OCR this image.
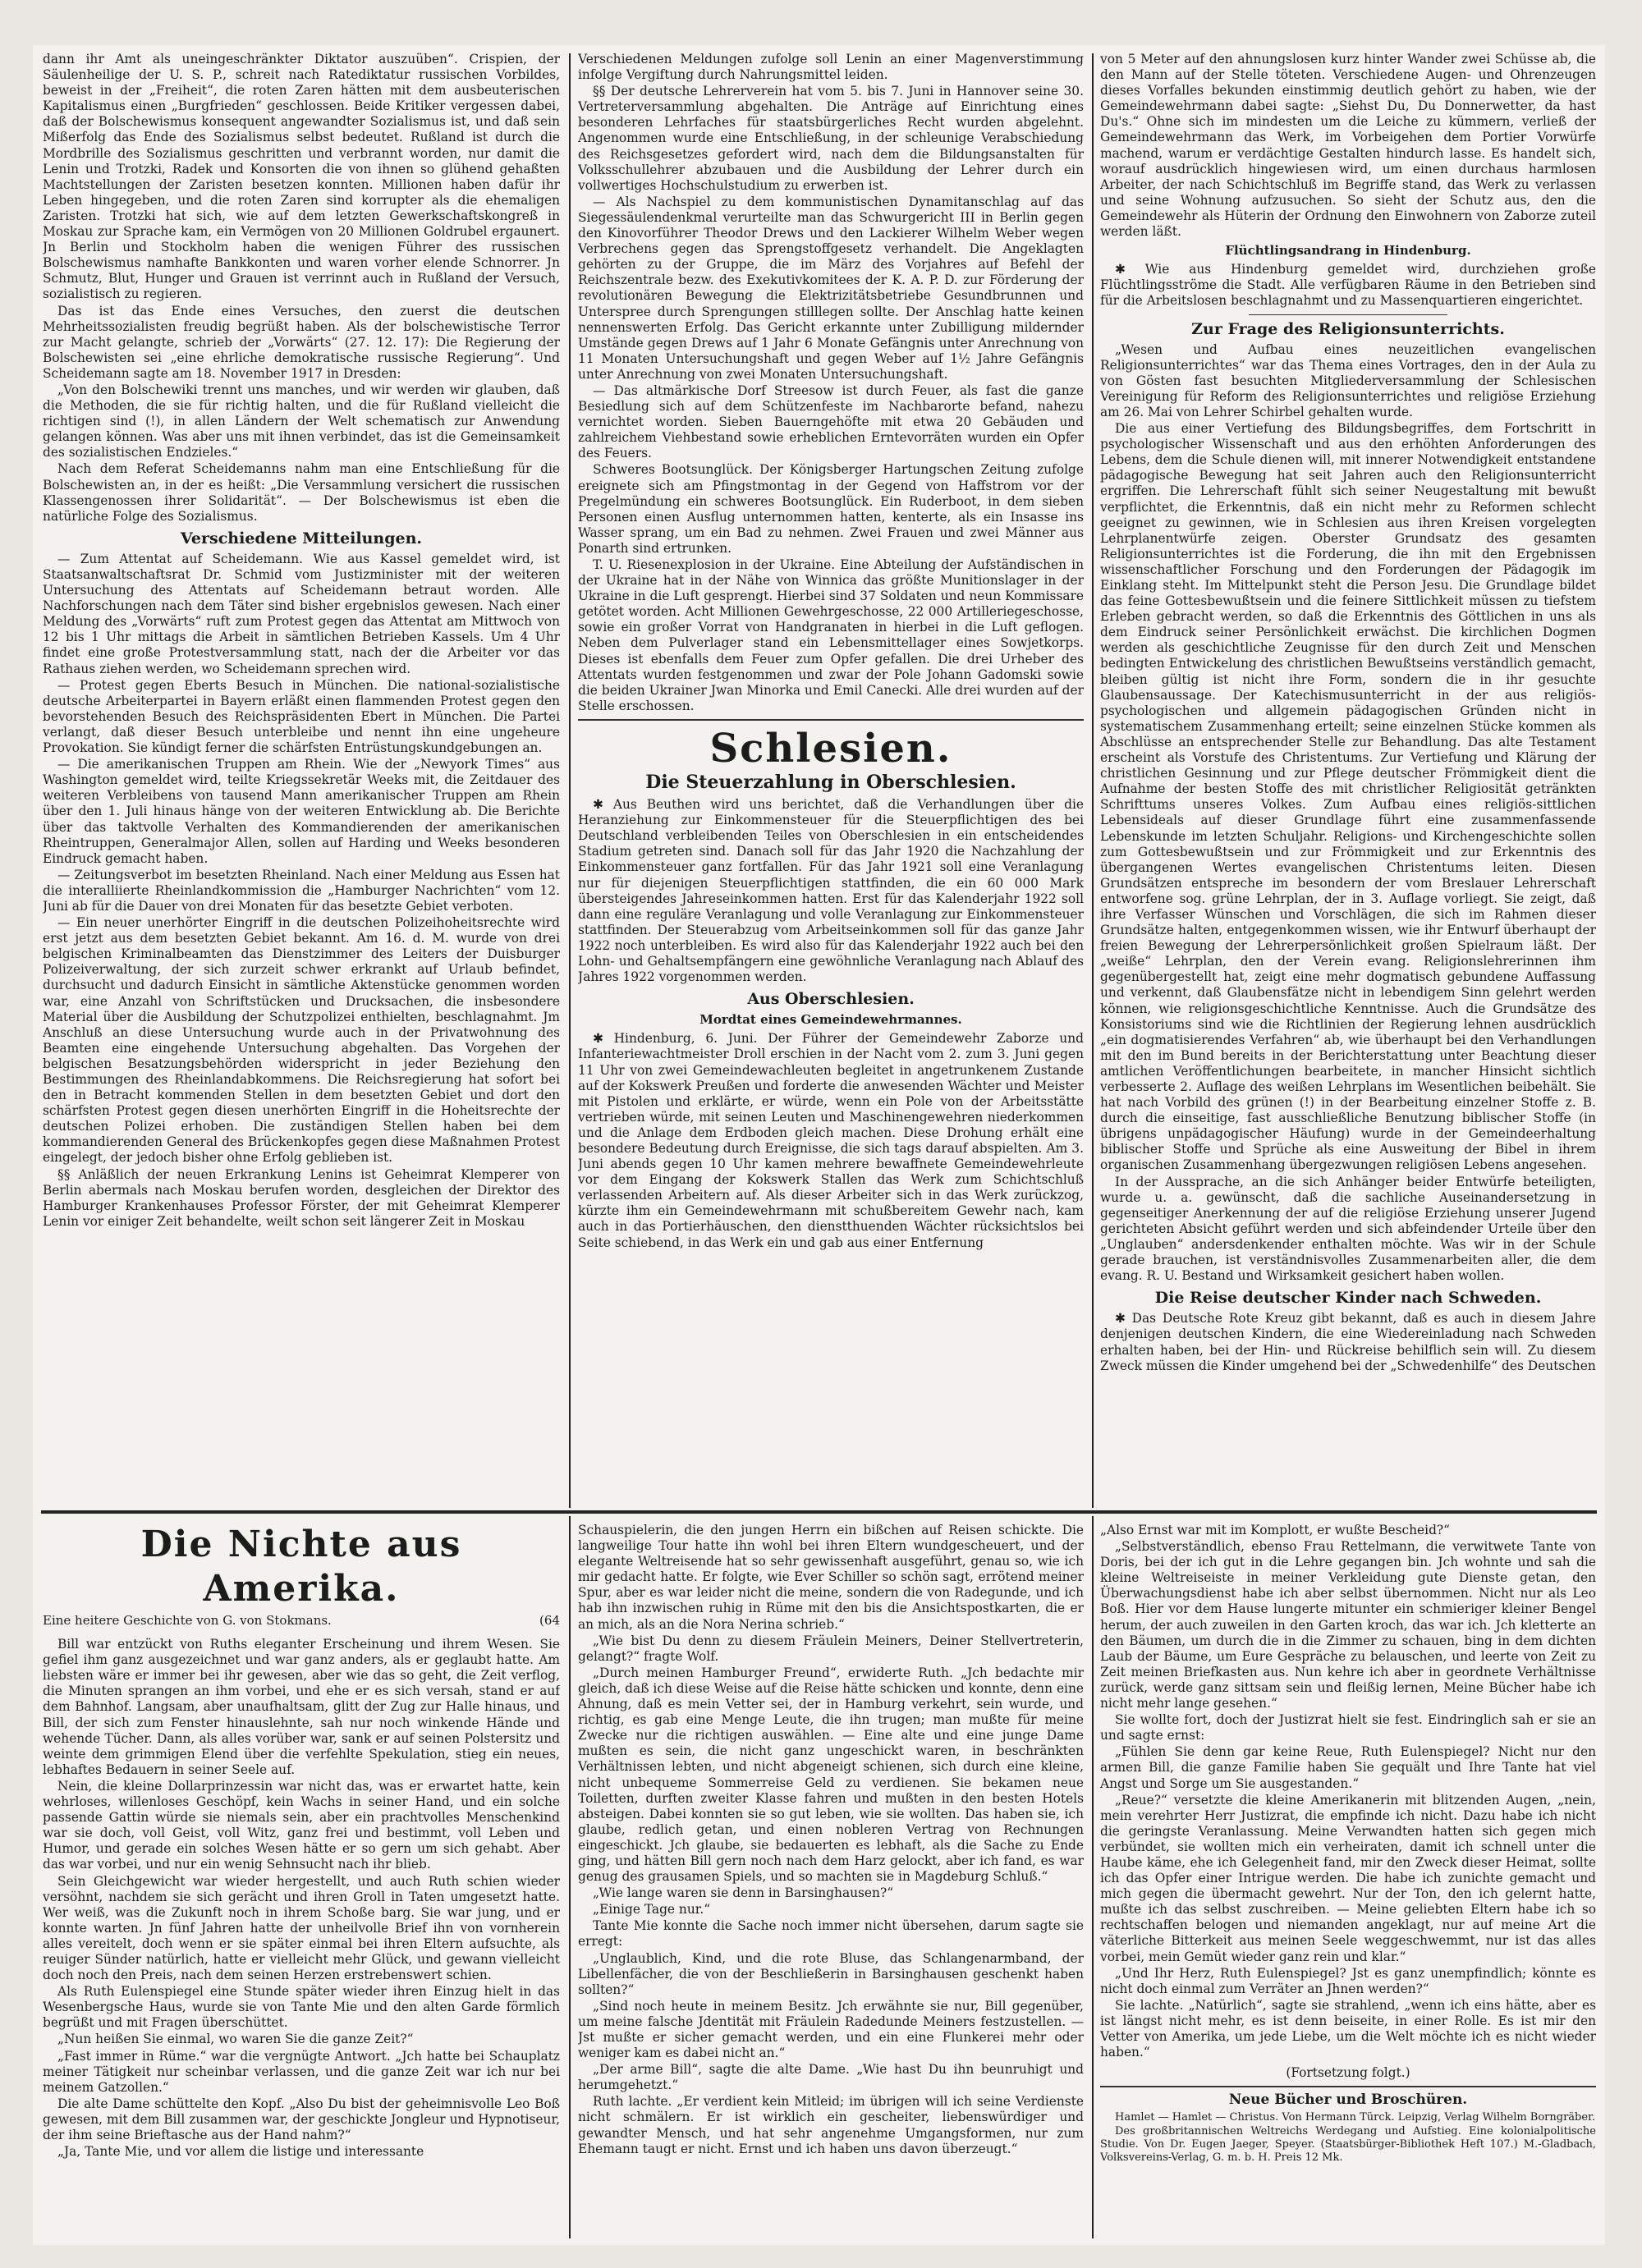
dann ihr Amt als uneingeschränkter Diktator auszuüben“. Crispien, der Säulenheilige der U. S. P., schreit nach Ratediktatur russischen Vorbildes, beweist in der „Freiheit“, die roten Zaren hätten mit dem ausbeuterischen Kapitalismus einen „Burgfrieden“ geschlossen. Beide Kritiker vergessen dabei, daß der Bolschewismus konsequent angewandter Sozialismus ist, und daß sein Mißerfolg das Ende des Sozialismus selbst bedeutet. Rußland ist durch die Mordbrille des Sozialismus geschritten und verbrannt worden, nur damit die Lenin und Trotzki, Radek und Konsorten die von ihnen so glühend gehaßten Machtstellungen der Zaristen besetzen konnten. Millionen haben dafür ihr Leben hingegeben, und die roten Zaren sind korrupter als die ehemaligen Zaristen. Trotzki hat sich, wie auf dem letzten Gewerkschaftskongreß in Moskau zur Sprache kam, ein Vermögen von 20 Millionen Goldrubel ergaunert. Jn Berlin und Stockholm haben die wenigen Führer des russischen Bolschewismus namhafte Bankkonten und waren vorher elende Schnorrer. Jn Schmutz, Blut, Hunger und Grauen ist verrinnt auch in Rußland der Versuch, sozialistisch zu regieren.

Das ist das Ende eines Versuches, den zuerst die deutschen Mehrheitssozialisten freudig begrüßt haben. Als der bolschewistische Terror zur Macht gelangte, schrieb der „Vorwärts“ (27. 12. 17): Die Regierung der Bolschewisten sei „eine ehrliche demokratische russische Regierung“. Und Scheidemann sagte am 18. November 1917 in Dresden:

„Von den Bolschewiki trennt uns manches, und wir werden wir glauben, daß die Methoden, die sie für richtig halten, und die für Rußland vielleicht die richtigen sind (!), in allen Ländern der Welt schematisch zur Anwendung gelangen können. Was aber uns mit ihnen verbindet, das ist die Gemeinsamkeit des sozialistischen Endzieles.“

Nach dem Referat Scheidemanns nahm man eine Entschließung für die Bolschewisten an, in der es heißt: „Die Versammlung versichert die russischen Klassengenossen ihrer Solidarität“. — Der Bolschewismus ist eben die natürliche Folge des Sozialismus.

Verschiedene Mitteilungen.

— Zum Attentat auf Scheidemann. Wie aus Kassel gemeldet wird, ist Staatsanwaltschaftsrat Dr. Schmid vom Justizminister mit der weiteren Untersuchung des Attentats auf Scheidemann betraut worden. Alle Nachforschungen nach dem Täter sind bisher ergebnislos gewesen. Nach einer Meldung des „Vorwärts“ ruft zum Protest gegen das Attentat am Mittwoch von 12 bis 1 Uhr mittags die Arbeit in sämtlichen Betrieben Kassels. Um 4 Uhr findet eine große Protestversammlung statt, nach der die Arbeiter vor das Rathaus ziehen werden, wo Scheidemann sprechen wird.

— Protest gegen Eberts Besuch in München. Die national-sozialistische deutsche Arbeiterpartei in Bayern erläßt einen flammenden Protest gegen den bevorstehenden Besuch des Reichspräsidenten Ebert in München. Die Partei verlangt, daß dieser Besuch unterbleibe und nennt ihn eine ungeheure Provokation. Sie kündigt ferner die schärfsten Entrüstungskundgebungen an.

— Die amerikanischen Truppen am Rhein. Wie der „Newyork Times“ aus Washington gemeldet wird, teilte Kriegssekretär Weeks mit, die Zeitdauer des weiteren Verbleibens von tausend Mann amerikanischer Truppen am Rhein über den 1. Juli hinaus hänge von der weiteren Entwicklung ab. Die Berichte über das taktvolle Verhalten des Kommandierenden der amerikanischen Rheintruppen, Generalmajor Allen, sollen auf Harding und Weeks besonderen Eindruck gemacht haben.

— Zeitungsverbot im besetzten Rheinland. Nach einer Meldung aus Essen hat die interalliierte Rheinlandkommission die „Hamburger Nachrichten“ vom 12. Juni ab für die Dauer von drei Monaten für das besetzte Gebiet verboten.

— Ein neuer unerhörter Eingriff in die deutschen Polizeihoheitsrechte wird erst jetzt aus dem besetzten Gebiet bekannt. Am 16. d. M. wurde von drei belgischen Kriminalbeamten das Dienstzimmer des Leiters der Duisburger Polizeiverwaltung, der sich zurzeit schwer erkrankt auf Urlaub befindet, durchsucht und dadurch Einsicht in sämtliche Aktenstücke genommen worden war, eine Anzahl von Schriftstücken und Drucksachen, die insbesondere Material über die Ausbildung der Schutzpolizei enthielten, beschlagnahmt. Jm Anschluß an diese Untersuchung wurde auch in der Privatwohnung des Beamten eine eingehende Untersuchung abgehalten. Das Vorgehen der belgischen Besatzungsbehörden widerspricht in jeder Beziehung den Bestimmungen des Rheinlandabkommens. Die Reichsregierung hat sofort bei den in Betracht kommenden Stellen in dem besetzten Gebiet und dort den schärfsten Protest gegen diesen unerhörten Eingriff in die Hoheitsrechte der deutschen Polizei erhoben. Die zuständigen Stellen haben bei dem kommandierenden General des Brückenkopfes gegen diese Maßnahmen Protest eingelegt, der jedoch bisher ohne Erfolg geblieben ist.

§§ Anläßlich der neuen Erkrankung Lenins ist Geheimrat Klemperer von Berlin abermals nach Moskau berufen worden, desgleichen der Direktor des Hamburger Krankenhauses Professor Förster, der mit Geheimrat Klemperer Lenin vor einiger Zeit behandelte, weilt schon seit längerer Zeit in Moskau

Verschiedenen Meldungen zufolge soll Lenin an einer Magenverstimmung infolge Vergiftung durch Nahrungsmittel leiden.

§§ Der deutsche Lehrerverein hat vom 5. bis 7. Juni in Hannover seine 30. Vertreterversammlung abgehalten. Die Anträge auf Einrichtung eines besonderen Lehrfaches für staatsbürgerliches Recht wurden abgelehnt. Angenommen wurde eine Entschließung, in der schleunige Verabschiedung des Reichsgesetzes gefordert wird, nach dem die Bildungsanstalten für Volksschullehrer abzubauen und die Ausbildung der Lehrer durch ein vollwertiges Hochschulstudium zu erwerben ist.

— Als Nachspiel zu dem kommunistischen Dynamitanschlag auf das Siegessäulendenkmal verurteilte man das Schwurgericht III in Berlin gegen den Kinovorführer Theodor Drews und den Lackierer Wilhelm Weber wegen Verbrechens gegen das Sprengstoffgesetz verhandelt. Die Angeklagten gehörten zu der Gruppe, die im März des Vorjahres auf Befehl der Reichszentrale bezw. des Exekutivkomitees der K. A. P. D. zur Förderung der revolutionären Bewegung die Elektrizitätsbetriebe Gesundbrunnen und Unterspree durch Sprengungen stilllegen sollte. Der Anschlag hatte keinen nennenswerten Erfolg. Das Gericht erkannte unter Zubilligung mildernder Umstände gegen Drews auf 1 Jahr 6 Monate Gefängnis unter Anrechnung von 11 Monaten Untersuchungshaft und gegen Weber auf 1½ Jahre Gefängnis unter Anrechnung von zwei Monaten Untersuchungshaft.

— Das altmärkische Dorf Streesow ist durch Feuer, als fast die ganze Besiedlung sich auf dem Schützenfeste im Nachbarorte befand, nahezu vernichtet worden. Sieben Bauerngehöfte mit etwa 20 Gebäuden und zahlreichem Viehbestand sowie erheblichen Erntevorräten wurden ein Opfer des Feuers.

Schweres Bootsunglück. Der Königsberger Hartungschen Zeitung zufolge ereignete sich am Pfingstmontag in der Gegend von Haffstrom vor der Pregelmündung ein schweres Bootsunglück. Ein Ruderboot, in dem sieben Personen einen Ausflug unternommen hatten, kenterte, als ein Insasse ins Wasser sprang, um ein Bad zu nehmen. Zwei Frauen und zwei Männer aus Ponarth sind ertrunken.

T. U. Riesenexplosion in der Ukraine. Eine Abteilung der Aufständischen in der Ukraine hat in der Nähe von Winnica das größte Munitionslager in der Ukraine in die Luft gesprengt. Hierbei sind 37 Soldaten und neun Kommissare getötet worden. Acht Millionen Gewehrgeschosse, 22 000 Artilleriegeschosse, sowie ein großer Vorrat von Handgranaten in hierbei in die Luft geflogen. Neben dem Pulverlager stand ein Lebensmittellager eines Sowjetkorps. Dieses ist ebenfalls dem Feuer zum Opfer gefallen. Die drei Urheber des Attentats wurden festgenommen und zwar der Pole Johann Gadomski sowie die beiden Ukrainer Jwan Minorka und Emil Canecki. Alle drei wurden auf der Stelle erschossen.

Schlesien.
Die Steuerzahlung in Oberschlesien.

✱ Aus Beuthen wird uns berichtet, daß die Verhandlungen über die Heranziehung zur Einkommensteuer für die Steuerpflichtigen des bei Deutschland verbleibenden Teiles von Oberschlesien in ein entscheidendes Stadium getreten sind. Danach soll für das Jahr 1920 die Nachzahlung der Einkommensteuer ganz fortfallen. Für das Jahr 1921 soll eine Veranlagung nur für diejenigen Steuerpflichtigen stattfinden, die ein 60 000 Mark übersteigendes Jahreseinkommen hatten. Erst für das Kalenderjahr 1922 soll dann eine reguläre Veranlagung und volle Veranlagung zur Einkommensteuer stattfinden. Der Steuerabzug vom Arbeitseinkommen soll für das ganze Jahr 1922 noch unterbleiben. Es wird also für das Kalenderjahr 1922 auch bei den Lohn- und Gehaltsempfängern eine gewöhnliche Veranlagung nach Ablauf des Jahres 1922 vorgenommen werden.

Aus Oberschlesien.
Mordtat eines Gemeindewehrmannes.

✱ Hindenburg, 6. Juni. Der Führer der Gemeindewehr Zaborze und Infanteriewachtmeister Droll erschien in der Nacht vom 2. zum 3. Juni gegen 11 Uhr von zwei Gemeindewachleuten begleitet in angetrunkenem Zustande auf der Kokswerk Preußen und forderte die anwesenden Wächter und Meister mit Pistolen und erklärte, er würde, wenn ein Pole von der Arbeitsstätte vertrieben würde, mit seinen Leuten und Maschinengewehren niederkommen und die Anlage dem Erdboden gleich machen. Diese Drohung erhält eine besondere Bedeutung durch Ereignisse, die sich tags darauf abspielten. Am 3. Juni abends gegen 10 Uhr kamen mehrere bewaffnete Gemeindewehrleute vor dem Eingang der Kokswerk Stallen das Werk zum Schichtschluß verlassenden Arbeitern auf. Als dieser Arbeiter sich in das Werk zurückzog, kürzte ihm ein Gemeindewehrmann mit schußbereitem Gewehr nach, kam auch in das Portierhäuschen, den dienstthuenden Wächter rücksichtslos bei Seite schiebend, in das Werk ein und gab aus einer Entfernung

von 5 Meter auf den ahnungslosen kurz hinter Wander zwei Schüsse ab, die den Mann auf der Stelle töteten. Verschiedene Augen- und Ohrenzeugen dieses Vorfalles bekunden einstimmig deutlich gehört zu haben, wie der Gemeindewehrmann dabei sagte: „Siehst Du, Du Donnerwetter, da hast Du's.“ Ohne sich im mindesten um die Leiche zu kümmern, verließ der Gemeindewehrmann das Werk, im Vorbeigehen dem Portier Vorwürfe machend, warum er verdächtige Gestalten hindurch lasse. Es handelt sich, worauf ausdrücklich hingewiesen wird, um einen durchaus harmlosen Arbeiter, der nach Schichtschluß im Begriffe stand, das Werk zu verlassen und seine Wohnung aufzusuchen. So sieht der Schutz aus, den die Gemeindewehr als Hüterin der Ordnung den Einwohnern von Zaborze zuteil werden läßt.

Flüchtlingsandrang in Hindenburg.

✱ Wie aus Hindenburg gemeldet wird, durchziehen große Flüchtlingsströme die Stadt. Alle verfügbaren Räume in den Betrieben sind für die Arbeitslosen beschlagnahmt und zu Massenquartieren eingerichtet.

Zur Frage des Religionsunterrichts.

„Wesen und Aufbau eines neuzeitlichen evangelischen Religionsunterrichtes“ war das Thema eines Vortrages, den in der Aula zu von Gösten fast besuchten Mitgliederversammlung der Schlesischen Vereinigung für Reform des Religionsunterrichtes und religiöse Erziehung am 26. Mai von Lehrer Schirbel gehalten wurde.

Die aus einer Vertiefung des Bildungsbegriffes, dem Fortschritt in psychologischer Wissenschaft und aus den erhöhten Anforderungen des Lebens, dem die Schule dienen will, mit innerer Notwendigkeit entstandene pädagogische Bewegung hat seit Jahren auch den Religionsunterricht ergriffen. Die Lehrerschaft fühlt sich seiner Neugestaltung mit bewußt verpflichtet, die Erkenntnis, daß ein nicht mehr zu Reformen schlecht geeignet zu gewinnen, wie in Schlesien aus ihren Kreisen vorgelegten Lehrplanentwürfe zeigen. Oberster Grundsatz des gesamten Religionsunterrichtes ist die Forderung, die ihn mit den Ergebnissen wissenschaftlicher Forschung und den Forderungen der Pädagogik im Einklang steht. Im Mittelpunkt steht die Person Jesu. Die Grundlage bildet das feine Gottesbewußtsein und die feinere Sittlichkeit müssen zu tiefstem Erleben gebracht werden, so daß die Erkenntnis des Göttlichen in uns als dem Eindruck seiner Persönlichkeit erwächst. Die kirchlichen Dogmen werden als geschichtliche Zeugnisse für den durch Zeit und Menschen bedingten Entwickelung des christlichen Bewußtseins verständlich gemacht, bleiben gültig ist nicht ihre Form, sondern die in ihr gesuchte Glaubensaussage. Der Katechismusunterricht in der aus religiös-psychologischen und allgemein pädagogischen Gründen nicht in systematischem Zusammenhang erteilt; seine einzelnen Stücke kommen als Abschlüsse an entsprechender Stelle zur Behandlung. Das alte Testament erscheint als Vorstufe des Christentums. Zur Vertiefung und Klärung der christlichen Gesinnung und zur Pflege deutscher Frömmigkeit dient die Aufnahme der besten Stoffe des mit christlicher Religiosität getränkten Schrifttums unseres Volkes. Zum Aufbau eines religiös-sittlichen Lebensideals auf dieser Grundlage führt eine zusammenfassende Lebenskunde im letzten Schuljahr. Religions- und Kirchengeschichte sollen zum Gottesbewußtsein und zur Frömmigkeit und zur Erkenntnis des übergangenen Wertes evangelischen Christentums leiten. Diesen Grundsätzen entspreche im besondern der vom Breslauer Lehrerschaft entworfene sog. grüne Lehrplan, der in 3. Auflage vorliegt. Sie zeigt, daß ihre Verfasser Wünschen und Vorschlägen, die sich im Rahmen dieser Grundsätze halten, entgegenkommen wissen, wie ihr Entwurf überhaupt der freien Bewegung der Lehrerpersönlichkeit großen Spielraum läßt. Der „weiße“ Lehrplan, den der Verein evang. Religionslehrerinnen ihm gegenübergestellt hat, zeigt eine mehr dogmatisch gebundene Auffassung und verkennt, daß Glaubensfätze nicht in lebendigem Sinn gelehrt werden können, wie religionsgeschichtliche Kenntnisse. Auch die Grundsätze des Konsistoriums sind wie die Richtlinien der Regierung lehnen ausdrücklich „ein dogmatisierendes Verfahren“ ab, wie überhaupt bei den Verhandlungen mit den im Bund bereits in der Berichterstattung unter Beachtung dieser amtlichen Veröffentlichungen bearbeitete, in mancher Hinsicht sichtlich verbesserte 2. Auflage des weißen Lehrplans im Wesentlichen beibehält. Sie hat nach Vorbild des grünen (!) in der Bearbeitung einzelner Stoffe z. B. durch die einseitige, fast ausschließliche Benutzung biblischer Stoffe (in übrigens unpädagogischer Häufung) wurde in der Gemeindeerhaltung biblischer Stoffe und Sprüche als eine Ausweitung der Bibel in ihrem organischen Zusammenhang übergezwungen religiösen Lebens angesehen.

In der Aussprache, an die sich Anhänger beider Entwürfe beteiligten, wurde u. a. gewünscht, daß die sachliche Auseinandersetzung in gegenseitiger Anerkennung der auf die religiöse Erziehung unserer Jugend gerichteten Absicht geführt werden und sich abfeindender Urteile über den „Unglauben“ andersdenkender enthalten möchte. Was wir in der Schule gerade brauchen, ist verständnisvolles Zusammenarbeiten aller, die dem evang. R. U. Bestand und Wirksamkeit gesichert haben wollen.

Die Reise deutscher Kinder nach Schweden.

✱ Das Deutsche Rote Kreuz gibt bekannt, daß es auch in diesem Jahre denjenigen deutschen Kindern, die eine Wiedereinladung nach Schweden erhalten haben, bei der Hin- und Rückreise behilflich sein will. Zu diesem Zweck müssen die Kinder umgehend bei der „Schwedenhilfe“ des Deutschen

Die Nichte aus Amerika.
Eine heitere Geschichte von G. von Stokmans.	(64

Bill war entzückt von Ruths eleganter Erscheinung und ihrem Wesen. Sie gefiel ihm ganz ausgezeichnet und war ganz anders, als er geglaubt hatte. Am liebsten wäre er immer bei ihr gewesen, aber wie das so geht, die Zeit verflog, die Minuten sprangen an ihm vorbei, und ehe er es sich versah, stand er auf dem Bahnhof. Langsam, aber unaufhaltsam, glitt der Zug zur Halle hinaus, und Bill, der sich zum Fenster hinauslehnte, sah nur noch winkende Hände und wehende Tücher. Dann, als alles vorüber war, sank er auf seinen Polstersitz und weinte dem grimmigen Elend über die verfehlte Spekulation, stieg ein neues, lebhaftes Bedauern in seiner Seele auf.

Nein, die kleine Dollarprinzessin war nicht das, was er erwartet hatte, kein wehrloses, willenloses Geschöpf, kein Wachs in seiner Hand, und ein solche passende Gattin würde sie niemals sein, aber ein prachtvolles Menschenkind war sie doch, voll Geist, voll Witz, ganz frei und bestimmt, voll Leben und Humor, und gerade ein solches Wesen hätte er so gern um sich gehabt. Aber das war vorbei, und nur ein wenig Sehnsucht nach ihr blieb.

Sein Gleichgewicht war wieder hergestellt, und auch Ruth schien wieder versöhnt, nachdem sie sich gerächt und ihren Groll in Taten umgesetzt hatte. Wer weiß, was die Zukunft noch in ihrem Schoße barg. Sie war jung, und er konnte warten. Jn fünf Jahren hatte der unheilvolle Brief ihn von vornherein alles vereitelt, doch wenn er sie später einmal bei ihren Eltern aufsuchte, als reuiger Sünder natürlich, hatte er vielleicht mehr Glück, und gewann vielleicht doch noch den Preis, nach dem seinen Herzen erstrebenswert schien.

Als Ruth Eulenspiegel eine Stunde später wieder ihren Einzug hielt in das Wesenbergsche Haus, wurde sie von Tante Mie und den alten Garde förmlich begrüßt und mit Fragen überschüttet.

„Nun heißen Sie einmal, wo waren Sie die ganze Zeit?“

„Fast immer in Rüme.“ war die vergnügte Antwort. „Jch hatte bei Schauplatz meiner Tätigkeit nur scheinbar verlassen, und die ganze Zeit war ich nur bei meinem Gatzollen.“

Die alte Dame schüttelte den Kopf. „Also Du bist der geheimnisvolle Leo Boß gewesen, mit dem Bill zusammen war, der geschickte Jongleur und Hypnotiseur, der ihm seine Brieftasche aus der Hand nahm?“

„Ja, Tante Mie, und vor allem die listige und interessante

Schauspielerin, die den jungen Herrn ein bißchen auf Reisen schickte. Die langweilige Tour hatte ihn wohl bei ihren Eltern wundgescheuert, und der elegante Weltreisende hat so sehr gewissenhaft ausgeführt, genau so, wie ich mir gedacht hatte. Er folgte, wie Ever Schiller so schön sagt, errötend meiner Spur, aber es war leider nicht die meine, sondern die von Radegunde, und ich hab ihn inzwischen ruhig in Rüme mit den bis die Ansichtspostkarten, die er an mich, als an die Nora Nerina schrieb.“

„Wie bist Du denn zu diesem Fräulein Meiners, Deiner Stellvertreterin, gelangt?“ fragte Wolf.

„Durch meinen Hamburger Freund“, erwiderte Ruth. „Jch bedachte mir gleich, daß ich diese Weise auf die Reise hätte schicken und konnte, denn eine Ahnung, daß es mein Vetter sei, der in Hamburg verkehrt, sein wurde, und richtig, es gab eine Menge Leute, die ihn trugen; man mußte für meine Zwecke nur die richtigen auswählen. — Eine alte und eine junge Dame mußten es sein, die nicht ganz ungeschickt waren, in beschränkten Verhältnissen lebten, und nicht abgeneigt schienen, sich durch eine kleine, nicht unbequeme Sommerreise Geld zu verdienen. Sie bekamen neue Toiletten, durften zweiter Klasse fahren und mußten in den besten Hotels absteigen. Dabei konnten sie so gut leben, wie sie wollten. Das haben sie, ich glaube, redlich getan, und einen nobleren Vertrag von Rechnungen eingeschickt. Jch glaube, sie bedauerten es lebhaft, als die Sache zu Ende ging, und hätten Bill gern noch nach dem Harz gelockt, aber ich fand, es war genug des grausamen Spiels, und so machten sie in Magdeburg Schluß.“

„Wie lange waren sie denn in Barsinghausen?“

„Einige Tage nur.“

Tante Mie konnte die Sache noch immer nicht übersehen, darum sagte sie erregt:

„Unglaublich, Kind, und die rote Bluse, das Schlangenarmband, der Libellenfächer, die von der Beschließerin in Barsinghausen geschenkt haben sollten?“

„Sind noch heute in meinem Besitz. Jch erwähnte sie nur, Bill gegenüber, um meine falsche Jdentität mit Fräulein Radedunde Meiners festzustellen. — Jst mußte er sicher gemacht werden, und ein eine Flunkerei mehr oder weniger kam es dabei nicht an.“

„Der arme Bill“, sagte die alte Dame. „Wie hast Du ihn beunruhigt und herumgehetzt.“

Ruth lachte. „Er verdient kein Mitleid; im übrigen will ich seine Verdienste nicht schmälern. Er ist wirklich ein gescheiter, liebenswürdiger und gewandter Mensch, und hat sehr angenehme Umgangsformen, nur zum Ehemann taugt er nicht. Ernst und ich haben uns davon überzeugt.“

„Also Ernst war mit im Komplott, er wußte Bescheid?“

„Selbstverständlich, ebenso Frau Rettelmann, die verwitwete Tante von Doris, bei der ich gut in die Lehre gegangen bin. Jch wohnte und sah die kleine Weltreiseiste in meiner Verkleidung gute Dienste getan, den Überwachungsdienst habe ich aber selbst übernommen. Nicht nur als Leo Boß. Hier vor dem Hause lungerte mitunter ein schmieriger kleiner Bengel herum, der auch zuweilen in den Garten kroch, das war ich. Jch kletterte an den Bäumen, um durch die in die Zimmer zu schauen, bing in dem dichten Laub der Bäume, um Eure Gespräche zu belauschen, und leerte von Zeit zu Zeit meinen Briefkasten aus. Nun kehre ich aber in geordnete Verhältnisse zurück, werde ganz sittsam sein und fleißig lernen, Meine Bücher habe ich nicht mehr lange gesehen.“

Sie wollte fort, doch der Justizrat hielt sie fest. Eindringlich sah er sie an und sagte ernst:

„Fühlen Sie denn gar keine Reue, Ruth Eulenspiegel? Nicht nur den armen Bill, die ganze Familie haben Sie gequält und Ihre Tante hat viel Angst und Sorge um Sie ausgestanden.“

„Reue?“ versetzte die kleine Amerikanerin mit blitzenden Augen, „nein, mein verehrter Herr Justizrat, die empfinde ich nicht. Dazu habe ich nicht die geringste Veranlassung. Meine Verwandten hatten sich gegen mich verbündet, sie wollten mich ein verheiraten, damit ich schnell unter die Haube käme, ehe ich Gelegenheit fand, mir den Zweck dieser Heimat, sollte ich das Opfer einer Intrigue werden. Die habe ich zunichte gemacht und mich gegen die übermacht gewehrt. Nur der Ton, den ich gelernt hatte, mußte ich das selbst zuschreiben. — Meine geliebten Eltern habe ich so rechtschaffen belogen und niemanden angeklagt, nur auf meine Art die väterliche Bitterkeit aus meinen Seele weggeschwemmt, nur ist das alles vorbei, mein Gemüt wieder ganz rein und klar.“

„Und Ihr Herz, Ruth Eulenspiegel? Jst es ganz unempfindlich; könnte es nicht doch einmal zum Verräter an Jhnen werden?“

Sie lachte. „Natürlich“, sagte sie strahlend, „wenn ich eins hätte, aber es ist längst nicht mehr, es ist denn beiseite, in einer Rolle. Es ist mir den Vetter von Amerika, um jede Liebe, um die Welt möchte ich es nicht wieder haben.“

(Fortsetzung folgt.)
Neue Bücher und Broschüren.

Hamlet — Hamlet — Christus. Von Hermann Türck. Leipzig, Verlag Wilhelm Borngräber.

Des großbritannischen Weltreichs Werdegang und Aufstieg. Eine kolonialpolitische Studie. Von Dr. Eugen Jaeger, Speyer. (Staatsbürger-Bibliothek Heft 107.) M.-Gladbach, Volksvereins-Verlag, G. m. b. H. Preis 12 Mk.
